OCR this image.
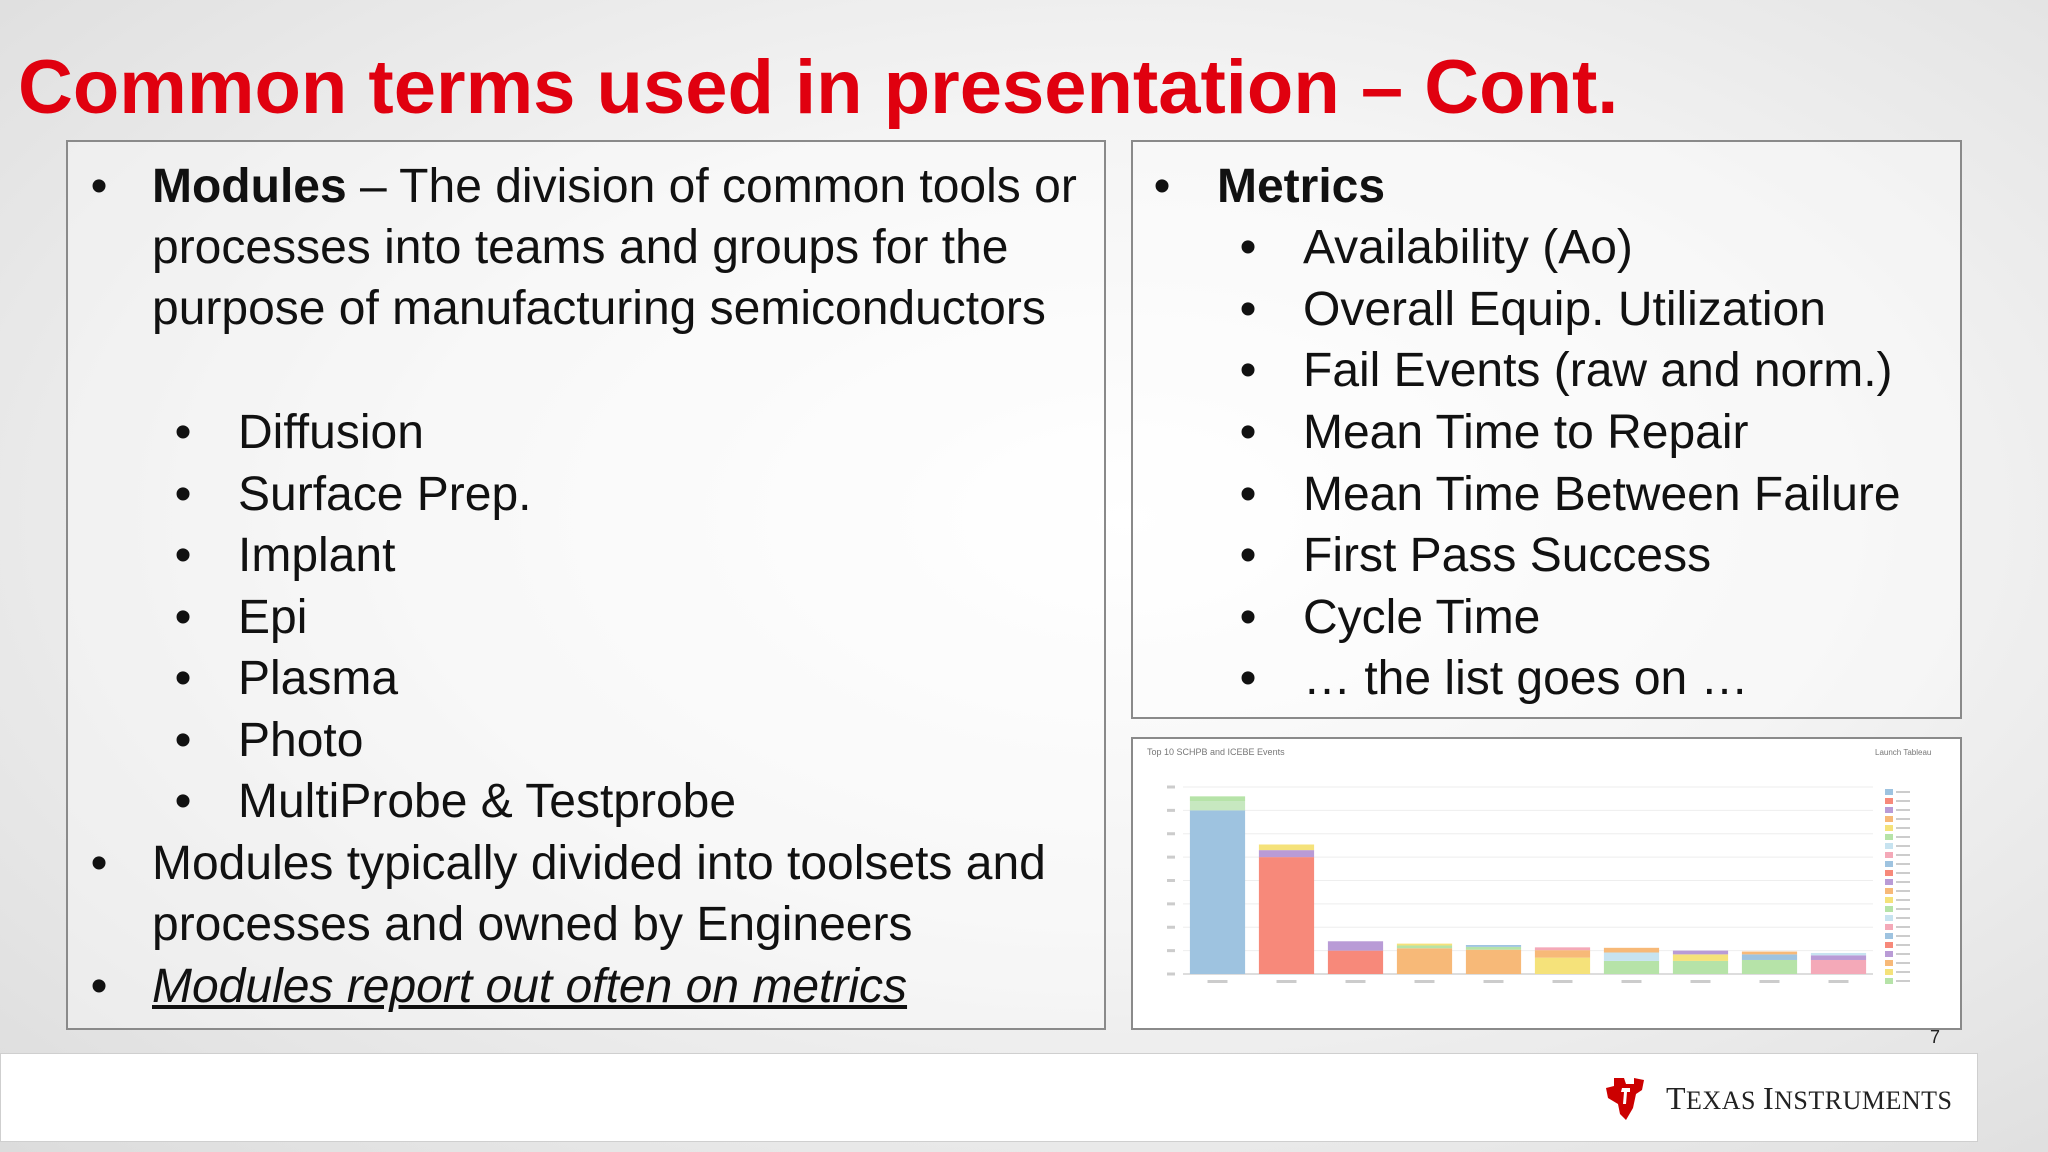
Common terms used in presentation – Cont.
• Modules – The division of common tools or processes into teams and groups for the purpose of manufacturing semiconductors
• Diffusion
• Surface Prep.
• Implant
• Epi
• Plasma
• Photo
• MultiProbe & Testprobe
• Modules typically divided into toolsets and processes and owned by Engineers
• Modules report out often on metrics
• Metrics
• Availability (Ao)
• Overall Equip. Utilization
• Fail Events (raw and norm.)
• Mean Time to Repair
• Mean Time Between Failure
• First Pass Success
• Cycle Time
• … the list goes on …
Top 10 SCHPB and ICEBE Events	Launch Tableau
7
TEXAS INSTRUMENTS
